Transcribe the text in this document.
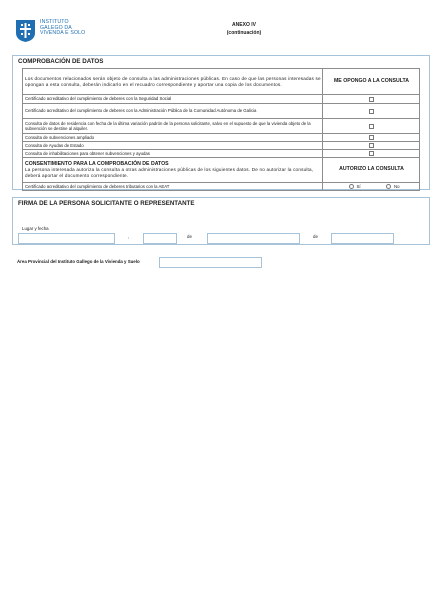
INSTITUTO
GALEGO DA
VIVENDA E SOLO
ANEXO IV
(continuación)
COMPROBACIÓN DE DATOS
Los documentos relacionados serán objeto de consulta a las administraciones públicas. En caso de que las personas interesadas se opongan a esta consulta, deberán indicarlo en el recuadro correspondiente y aportar una copia de los documentos.	ME OPONGO A LA CONSULTA
Certificado acreditativo del cumplimiento de deberes con la Seguridad Social	
Certificado acreditativo del cumplimiento de deberes con la Administración Pública de la Comunidad Autónoma de Galicia	
Consulta de datos de residencia con fecha de la última variación padrón de la persona solicitante, salvo en el supuesto de que la vivienda objeto de la subvención se destine al alquiler.	
Consulta de subvenciones ampliado	
Consulta de Ayudas de Estado	
Consulta de inhabilitaciones para obtener subvenciones y ayudas	

CONSENTIMIENTO PARA LA COMPROBACIÓN DE DATOS
La persona interesada autoriza la consulta a otras administraciones públicas de los siguientes datos. De no autorizar la consulta, deberá aportar el documento correspondiente.	AUTORIZO LA CONSULTA
Certificado acreditativo del cumplimiento de deberes tributarios con la AEAT	Sí No
FIRMA DE LA PERSONA SOLICITANTE O REPRESENTANTE
Lugar y fecha
,	de	de
Área Provincial del Instituto Gallego de la Vivienda y Suelo
